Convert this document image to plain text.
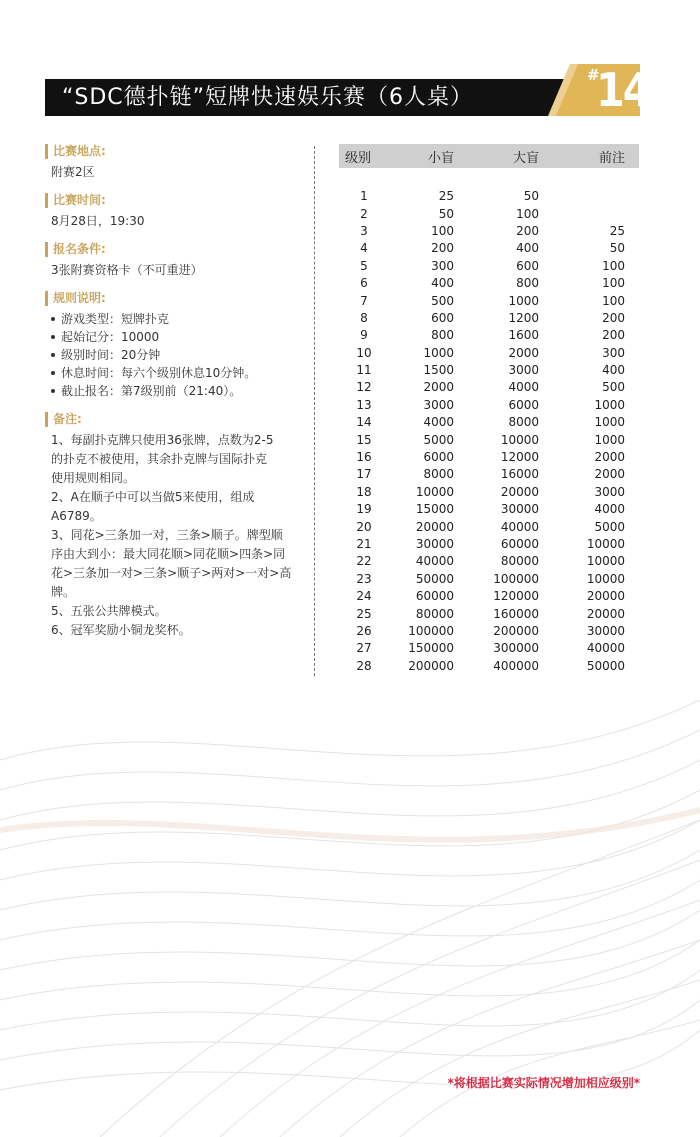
“SDC德扑链”短牌快速娱乐赛（6人桌）
#
14
比赛地点:
附赛2区
比赛时间:
8月28日，19:30
报名条件:
3张附赛资格卡（不可重进）
规则说明:
游戏类型：短牌扑克
起始记分：10000
级别时间：20分钟
休息时间：每六个级别休息10分钟。
截止报名：第7级别前（21:40）。
备注:
1、每副扑克牌只使用36张牌，点数为2-5
的扑克不被使用，其余扑克牌与国际扑克
使用规则相同。
2、A在顺子中可以当做5来使用，组成
A6789。
3、同花>三条加一对，三条>顺子。牌型顺
序由大到小：最大同花顺>同花顺>四条>同
花>三条加一对>三条>顺子>两对>一对>高
牌。
5、五张公共牌模式。
6、冠军奖励小铜龙奖杯。
级别	小盲	大盲	前注

1	25	50	
2	50	100	
3	100	200	25
4	200	400	50
5	300	600	100
6	400	800	100
7	500	1000	100
8	600	1200	200
9	800	1600	200
10	1000	2000	300
11	1500	3000	400
12	2000	4000	500
13	3000	6000	1000
14	4000	8000	1000
15	5000	10000	1000
16	6000	12000	2000
17	8000	16000	2000
18	10000	20000	3000
19	15000	30000	4000
20	20000	40000	5000
21	30000	60000	10000
22	40000	80000	10000
23	50000	100000	10000
24	60000	120000	20000
25	80000	160000	20000
26	100000	200000	30000
27	150000	300000	40000
28	200000	400000	50000
*将根据比赛实际情况增加相应级别*
